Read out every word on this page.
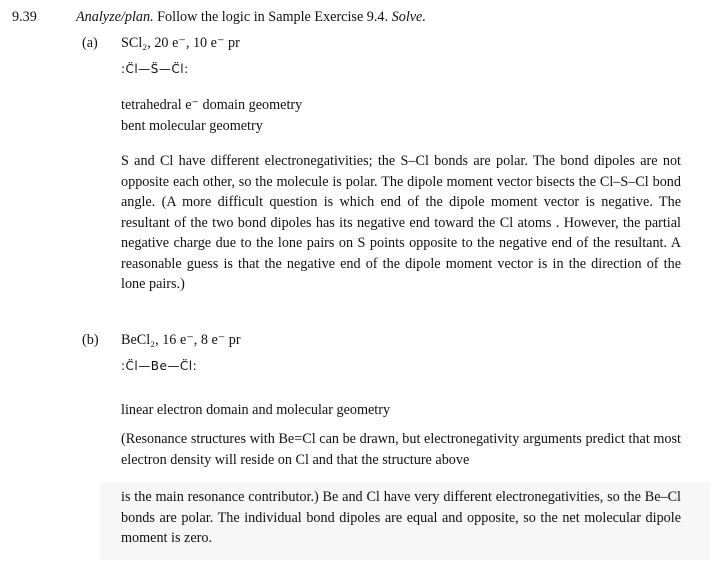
9.39	Analyze/plan. Follow the logic in Sample Exercise 9.4. Solve.
(a) SCl₂, 20 e⁻, 10 e⁻ pr
:C̈l—S̈—C̈l:
tetrahedral e⁻ domain geometry
bent molecular geometry
S and Cl have different electronegativities; the S–Cl bonds are polar. The bond dipoles are not opposite each other, so the molecule is polar. The dipole moment vector bisects the Cl–S–Cl bond angle. (A more difficult question is which end of the dipole moment vector is negative. The resultant of the two bond dipoles has its negative end toward the Cl atoms . However, the partial negative charge due to the lone pairs on S points opposite to the negative end of the resultant. A reasonable guess is that the negative end of the dipole moment vector is in the direction of the lone pairs.)
(b) BeCl₂, 16 e⁻, 8 e⁻ pr
:C̈l—Be—C̈l:
linear electron domain and molecular geometry
(Resonance structures with Be=Cl can be drawn, but electronegativity arguments predict that most electron density will reside on Cl and that the structure above
is the main resonance contributor.) Be and Cl have very different electronegativities, so the Be–Cl bonds are polar. The individual bond dipoles are equal and opposite, so the net molecular dipole moment is zero.
